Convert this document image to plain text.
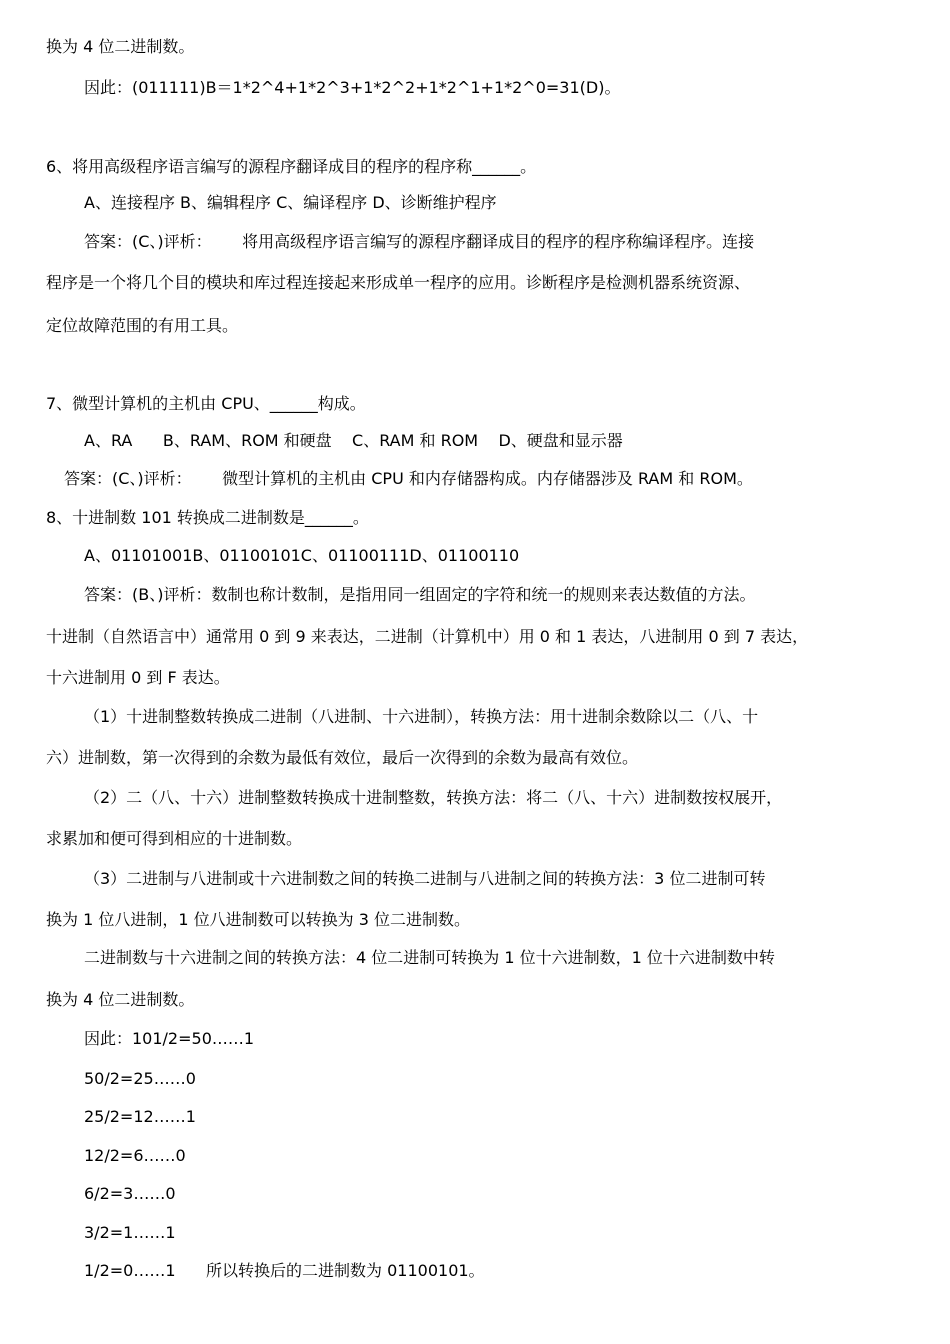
换为 4 位二进制数。
因此：(011111)B＝1*2^4+1*2^3+1*2^2+1*2^1+1*2^0=31(D)。
6、将用高级程序语言编写的源程序翻译成目的程序的程序称______。
A、连接程序 B、编辑程序 C、编译程序 D、诊断维护程序
答案：(C、)评析：      将用高级程序语言编写的源程序翻译成目的程序的程序称编译程序。连接
程序是一个将几个目的模块和库过程连接起来形成单一程序的应用。诊断程序是检测机器系统资源、
定位故障范围的有用工具。
7、微型计算机的主机由 CPU、______构成。
A、RA      B、RAM、ROM 和硬盘    C、RAM 和 ROM    D、硬盘和显示器
答案：(C、)评析：      微型计算机的主机由 CPU 和内存储器构成。内存储器涉及 RAM 和 ROM。
8、十进制数 101 转换成二进制数是______。
A、01101001B、01100101C、01100111D、01100110
答案：(B、)评析：数制也称计数制，是指用同一组固定的字符和统一的规则来表达数值的方法。
十进制（自然语言中）通常用 0 到 9 来表达，二进制（计算机中）用 0 和 1 表达，八进制用 0 到 7 表达，
十六进制用 0 到 F 表达。
（1）十进制整数转换成二进制（八进制、十六进制），转换方法：用十进制余数除以二（八、十
六）进制数，第一次得到的余数为最低有效位，最后一次得到的余数为最高有效位。
（2）二（八、十六）进制整数转换成十进制整数，转换方法：将二（八、十六）进制数按权展开，
求累加和便可得到相应的十进制数。
（3）二进制与八进制或十六进制数之间的转换二进制与八进制之间的转换方法：3 位二进制可转
换为 1 位八进制，1 位八进制数可以转换为 3 位二进制数。
二进制数与十六进制之间的转换方法：4 位二进制可转换为 1 位十六进制数，1 位十六进制数中转
换为 4 位二进制数。
因此：101/2=50……1
50/2=25……0
25/2=12……1
12/2=6……0
6/2=3……0
3/2=1……1
1/2=0……1      所以转换后的二进制数为 01100101。
